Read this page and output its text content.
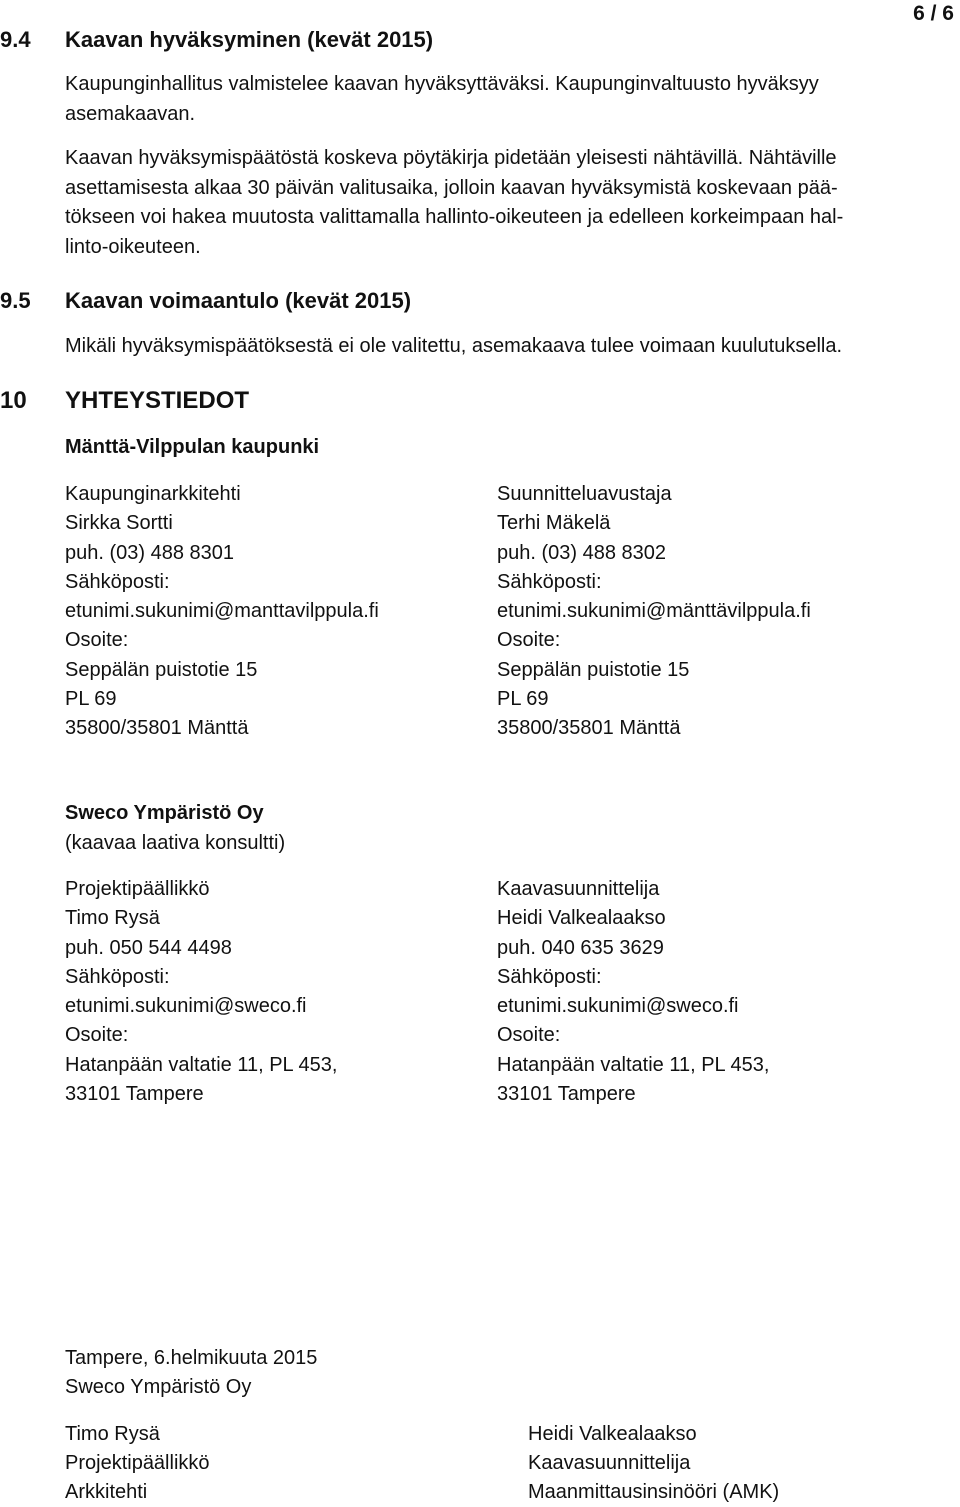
6 / 6
9.4 Kaavan hyväksyminen (kevät 2015)
Kaupunginhallitus valmistelee kaavan hyväksyttäväksi. Kaupunginvaltuusto hyväksyy
asemakaavan.
Kaavan hyväksymispäätöstä koskeva pöytäkirja pidetään yleisesti nähtävillä. Nähtäville
asettamisesta alkaa 30 päivän valitusaika, jolloin kaavan hyväksymistä koskevaan pää-
tökseen voi hakea muutosta valittamalla hallinto-oikeuteen ja edelleen korkeimpaan hal-
linto-oikeuteen.
9.5 Kaavan voimaantulo (kevät 2015)
Mikäli hyväksymispäätöksestä ei ole valitettu, asemakaava tulee voimaan kuulutuksella.
10 YHTEYSTIEDOT
Mänttä-Vilppulan kaupunki
Kaupunginarkkitehti
Sirkka Sortti
puh. (03) 488 8301
Sähköposti:
etunimi.sukunimi@manttavilppula.fi
Osoite:
Seppälän puistotie 15
PL 69
35800/35801 Mänttä
Suunnitteluavustaja
Terhi Mäkelä
puh. (03) 488 8302
Sähköposti:
etunimi.sukunimi@mänttävilppula.fi
Osoite:
Seppälän puistotie 15
PL 69
35800/35801 Mänttä
Sweco Ympäristö Oy
(kaavaa laativa konsultti)
Projektipäällikkö
Timo Rysä
puh. 050 544 4498
Sähköposti:
etunimi.sukunimi@sweco.fi
Osoite:
Hatanpään valtatie 11, PL 453,
33101 Tampere
Kaavasuunnittelija
Heidi Valkealaakso
puh. 040 635 3629
Sähköposti:
etunimi.sukunimi@sweco.fi
Osoite:
Hatanpään valtatie 11, PL 453,
33101 Tampere
Tampere, 6.helmikuuta 2015
Sweco Ympäristö Oy
Timo Rysä
Projektipäällikkö
Arkkitehti
Heidi Valkealaakso
Kaavasuunnittelija
Maanmittausinsinööri (AMK)
